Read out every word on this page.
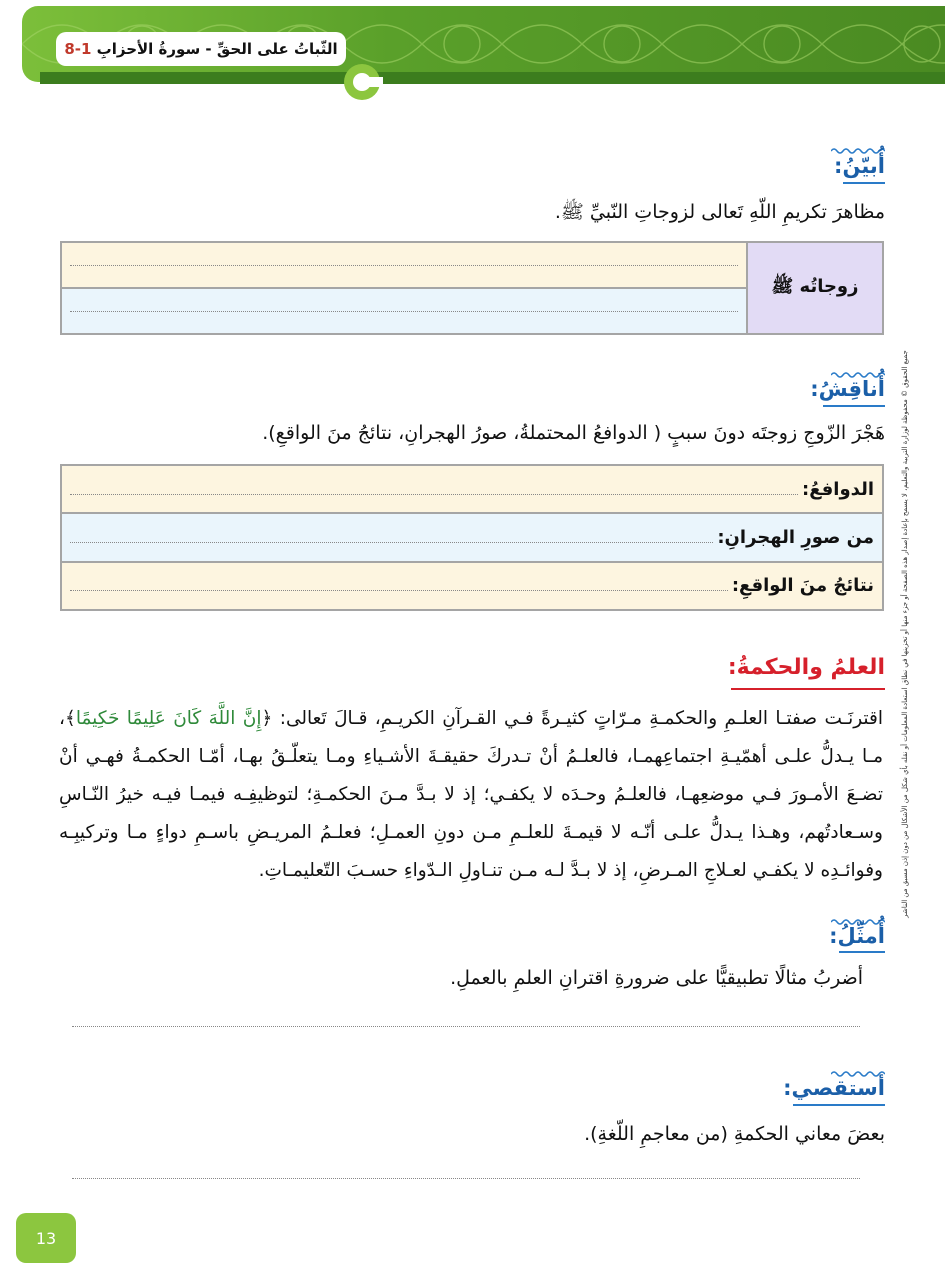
الثّباتُ على الحقِّ - سورةُ الأحزابِ

8-1
جميع الحقوق © محفوظة لوزارة التربية والتعليم، لا يسمح بإعادة إصدار هذه الصفحة أو جزء منها أو تخزينها في نطاق استعادة المعلومات أو نقله بأي شكل من الأشكال من دون إذن مسبق من الناشر
أُبيّنُ:
مظاهرَ تكريمِ اللّهِ تَعالى لزوجاتِ النّبيِّ ﷺ.
	زوجاتُه ﷺ

أُناقِشُ:
هَجْرَ الزّوجِ زوجتَه دونَ سببٍ ( الدوافعُ المحتملةُ، صورُ الهجرانِ، نتائجُ منَ الواقعِ).
الدوافعُ:

من صورِ الهجرانِ:

نتائجُ منَ الواقعِ:
العلمُ والحكمةُ:
اقترنَـت صفتـا العلـمِ والحكمـةِ مـرّاتٍ كثيـرةً فـي القـرآنِ الكريـمِ، قـالَ تَعالى: ﴿إِنَّ اللَّهَ كَانَ عَلِيمًا حَكِيمًا﴾، مـا يـدلُّ علـى أهمّيـةِ اجتماعِهمـا، فالعلـمُ أنْ تـدركَ حقيقـةَ الأشـياءِ ومـا يتعلّـقُ بهـا، أمّـا الحكمـةُ فهـي أنْ تضـعَ الأمـورَ فـي موضعِهـا، فالعلـمُ وحـدَه لا يكفـي؛ إذ لا بـدَّ مـنَ الحكمـةِ؛ لتوظيفِـه فيمـا فيـه خيرُ النّـاسِ وسـعادتُهم، وهـذا يـدلُّ علـى أنّـه لا قيمـةَ للعلـمِ مـن دونِ العمـلِ؛ فعلـمُ المريـضِ باسـمِ دواءٍ مـا وتركيبِـه وفوائـدِه لا يكفـي لعـلاجِ المـرضِ، إذ لا بـدَّ لـه مـن تنـاولِ الـدّواءِ حسـبَ التّعليمـاتِ.
أُمثِّلُ:
أضربُ مثالًا تطبيقيًّا على ضرورةِ اقترانِ العلمِ بالعملِ.
أستقصي:
بعضَ معاني الحكمةِ (من معاجمِ اللّغةِ).
13
